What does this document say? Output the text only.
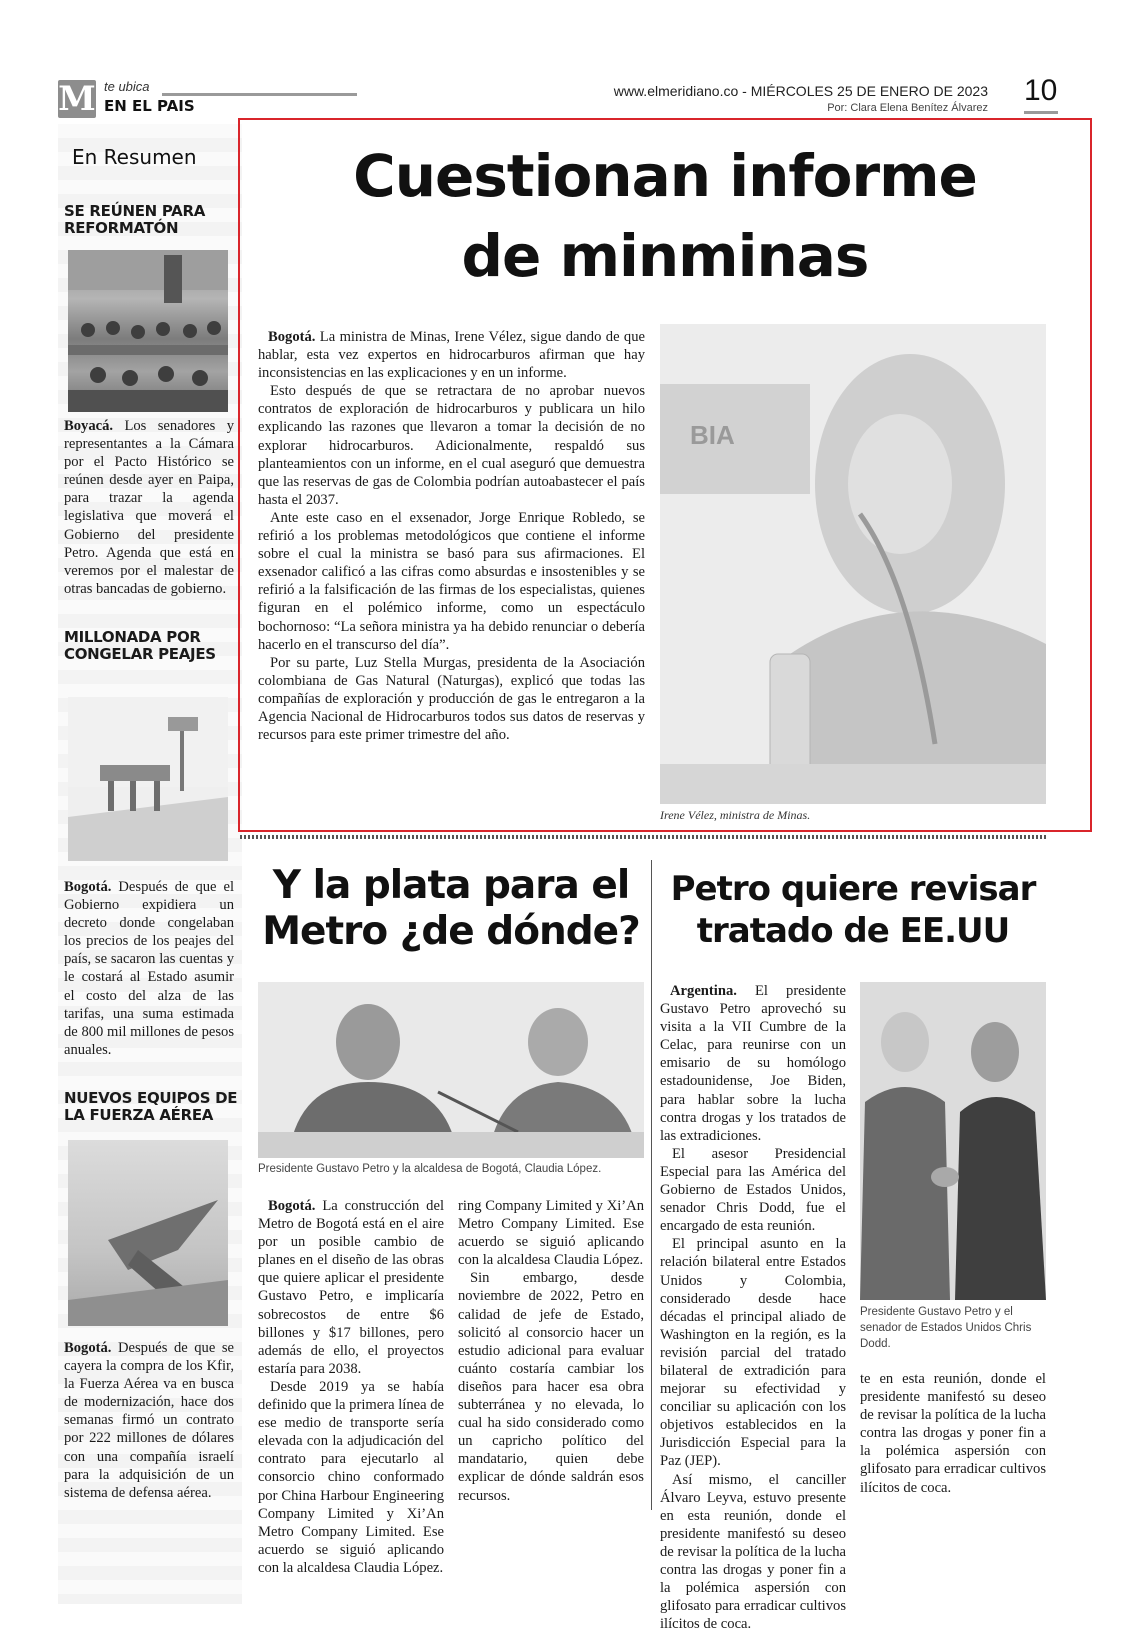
M te ubica
EN EL PAIS
www.elmeridiano.co - MIÉRCOLES 25 DE ENERO DE 2023
Por: Clara Elena Benítez Álvarez
10
En Resumen
SE REÚNEN PARA
REFORMATÓN

Boyacá. Los senadores y representantes a la Cámara por el Pacto Histórico se reúnen desde ayer en Paipa, para trazar la agenda legislativa que moverá el Gobierno del presidente Petro. Agenda que está en veremos por el malestar de otras bancadas de gobierno.

MILLONADA POR
CONGELAR PEAJES

Bogotá. Después de que el Gobierno expidiera un decreto donde congelaban los precios de los peajes del país, se sacaron las cuentas y le costará al Estado asumir el costo del alza de las tarifas, una suma estimada de 800 mil millones de pesos anuales.

NUEVOS EQUIPOS DE
LA FUERZA AÉREA

Bogotá. Después de que se cayera la compra de los Kfir, la Fuerza Aérea va en busca de modernización, hace dos semanas firmó un contrato por 222 millones de dólares con una compañía israelí para la adquisición de un sistema de defensa aérea.

Cuestionan informe
de minminas

Bogotá. La ministra de Minas, Irene Vélez, sigue dando de que hablar, esta vez expertos en hidrocarburos afirman que hay inconsistencias en las explicaciones y en un informe.

Esto después de que se retractara de no aprobar nuevos contratos de exploración de hidrocarburos y publicara un hilo explicando las razones que llevaron a tomar la decisión de no explorar hidrocarburos. Adicionalmente, respaldó sus planteamientos con un informe, en el cual aseguró que demuestra que las reservas de gas de Colombia podrían autoabastecer el país hasta el 2037.

Ante este caso en el exsenador, Jorge Enrique Robledo, se refirió a los problemas metodológicos que contiene el informe sobre el cual la ministra se basó para sus afirmaciones. El exsenador calificó a las cifras como absurdas e insostenibles y se refirió a la falsificación de las firmas de los especialistas, quienes figuran en el polémico informe, como un espectáculo bochornoso: “La señora ministra ya ha debido renunciar o debería hacerlo en el transcurso del día”.

Por su parte, Luz Stella Murgas, presidenta de la Asociación colombiana de Gas Natural (Naturgas), explicó que todas las compañías de exploración y producción de gas le entregaron a la Agencia Nacional de Hidrocarburos todos sus datos de reservas y recursos para este primer trimestre del año.

BIA
Irene Vélez, ministra de Minas.
Y la plata para el
Metro ¿de dónde?
Presidente Gustavo Petro y la alcaldesa de Bogotá, Claudia López.

Bogotá. La construcción del Metro de Bogotá está en el aire por un posible cambio de planes en el diseño de las obras que quiere aplicar el presidente Gustavo Petro, e implicaría sobrecostos de entre $6 billones y $17 billones, pero además de ello, el proyectos estaría para 2038.

Desde 2019 ya se había definido que la primera línea de ese medio de transporte sería elevada con la adjudicación del contrato para ejecutarlo al consorcio chino conformado por China Harbour Engineering Company Limited y Xi’An Metro Company Limited. Ese acuerdo se siguió aplicando con la alcaldesa Claudia López.

ring Company Limited y Xi’An Metro Company Limited. Ese acuerdo se siguió aplicando con la alcaldesa Claudia López.

Sin embargo, desde noviembre de 2022, Petro en calidad de jefe de Estado, solicitó al consorcio hacer un estudio adicional para evaluar cuánto costaría cambiar los diseños para hacer esa obra subterránea y no elevada, lo cual ha sido considerado como un capricho político del mandatario, quien debe explicar de dónde saldrán esos recursos.

Petro quiere revisar
tratado de EE.UU

Argentina. El presidente Gustavo Petro aprovechó su visita a la VII Cumbre de la Celac, para reunirse con un emisario de su homólogo estadounidense, Joe Biden, para hablar sobre la lucha contra drogas y los tratados de las extradiciones.

El asesor Presidencial Especial para las América del Gobierno de Estados Unidos, senador Chris Dodd, fue el encargado de esta reunión.

El principal asunto en la relación bilateral entre Estados Unidos y Colombia, considerado desde hace décadas el principal aliado de Washington en la región, es la revisión parcial del tratado bilateral de extradición para mejorar su efectividad y conciliar su aplicación con los objetivos establecidos en la Jurisdicción Especial para la Paz (JEP).

Así mismo, el canciller Álvaro Leyva, estuvo presente en esta reunión, donde el presidente manifestó su deseo de revisar la política de la lucha contra las drogas y poner fin a la polémica aspersión con glifosato para erradicar cultivos ilícitos de coca.

Presidente Gustavo Petro y el senador de Estados Unidos Chris Dodd.

te en esta reunión, donde el presidente manifestó su deseo de revisar la política de la lucha contra las drogas y poner fin a la polémica aspersión con glifosato para erradicar cultivos ilícitos de coca.
